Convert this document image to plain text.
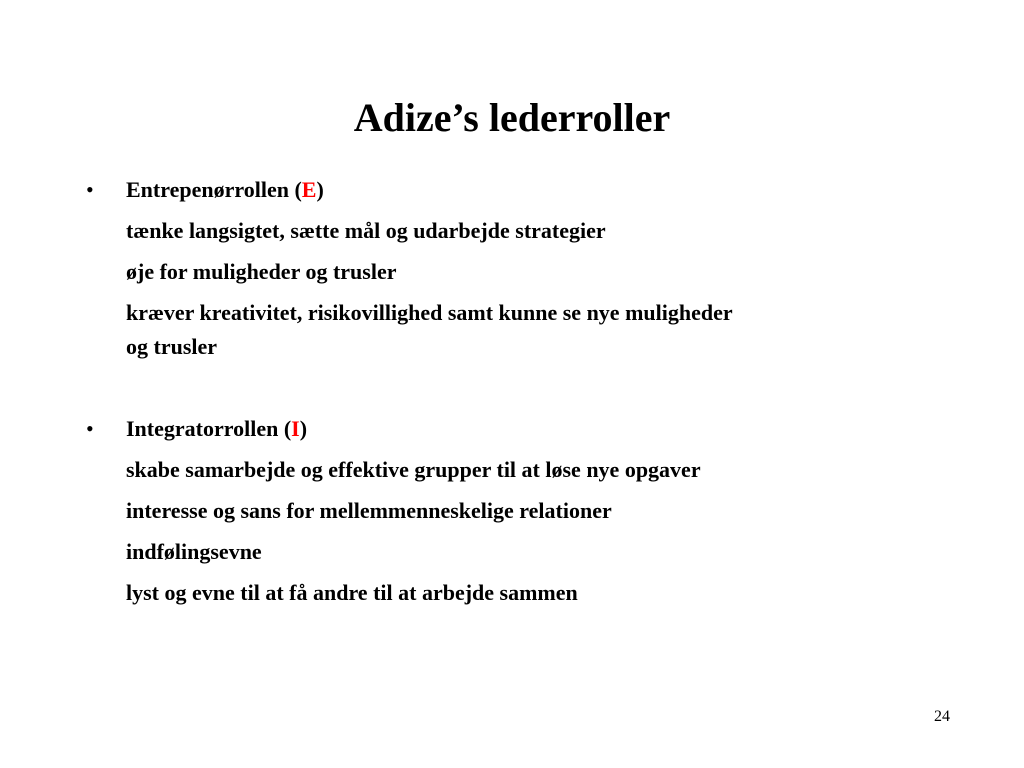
Adize’s lederroller
• Entrepenørrollen (E)
tænke langsigtet, sætte mål og udarbejde strategier
øje for muligheder og trusler
kræver kreativitet, risikovillighed samt kunne se nye muligheder
og trusler
• Integratorrollen (I)
skabe samarbejde og effektive grupper til at løse nye opgaver
interesse og sans for mellemmenneskelige relationer
indfølingsevne
lyst og evne til at få andre til at arbejde sammen
24
